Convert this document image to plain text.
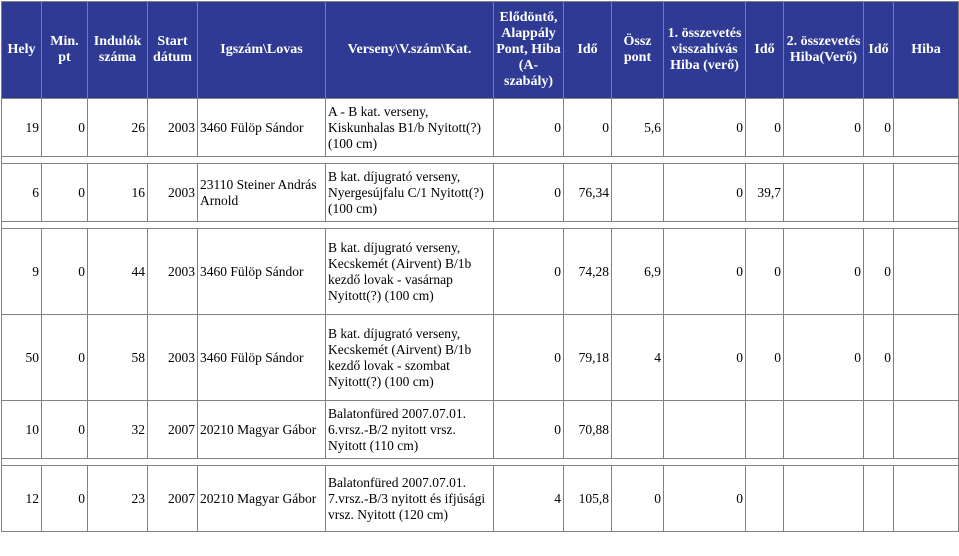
Hely	Min. pt	Indulók száma	Start dátum	Igszám\Lovas	Verseny\V.szám\Kat.	Elődöntő, Alappály Pont, Hiba (A-szabály)	Idő	Össz pont	1. összevetés visszahívás Hiba (verő)	Idő	2. összevetés Hiba(Verő)	Idő	Hiba
19	0	26	2003	3460 Fülöp Sándor	A - B kat. verseny, Kiskunhalas B1/b Nyitott(?) (100 cm)	0	0	5,6	0	0	0	0	

6	0	16	2003	23110 Steiner András Arnold	B kat. díjugrató verseny, Nyergesújfalu C/1 Nyitott(?) (100 cm)	0	76,34		0	39,7			

9	0	44	2003	3460 Fülöp Sándor	B kat. díjugrató verseny, Kecskemét (Airvent) B/1b kezdő lovak - vasárnap Nyitott(?) (100 cm)	0	74,28	6,9	0	0	0	0	
50	0	58	2003	3460 Fülöp Sándor	B kat. díjugrató verseny, Kecskemét (Airvent) B/1b kezdő lovak - szombat Nyitott(?) (100 cm)	0	79,18	4	0	0	0	0	
10	0	32	2007	20210 Magyar Gábor	Balatonfüred 2007.07.01. 6.vrsz.-B/2 nyitott vrsz. Nyitott (110 cm)	0	70,88						

12	0	23	2007	20210 Magyar Gábor	Balatonfüred 2007.07.01. 7.vrsz.-B/3 nyitott és ifjúsági vrsz. Nyitott (120 cm)	4	105,8	0	0				
